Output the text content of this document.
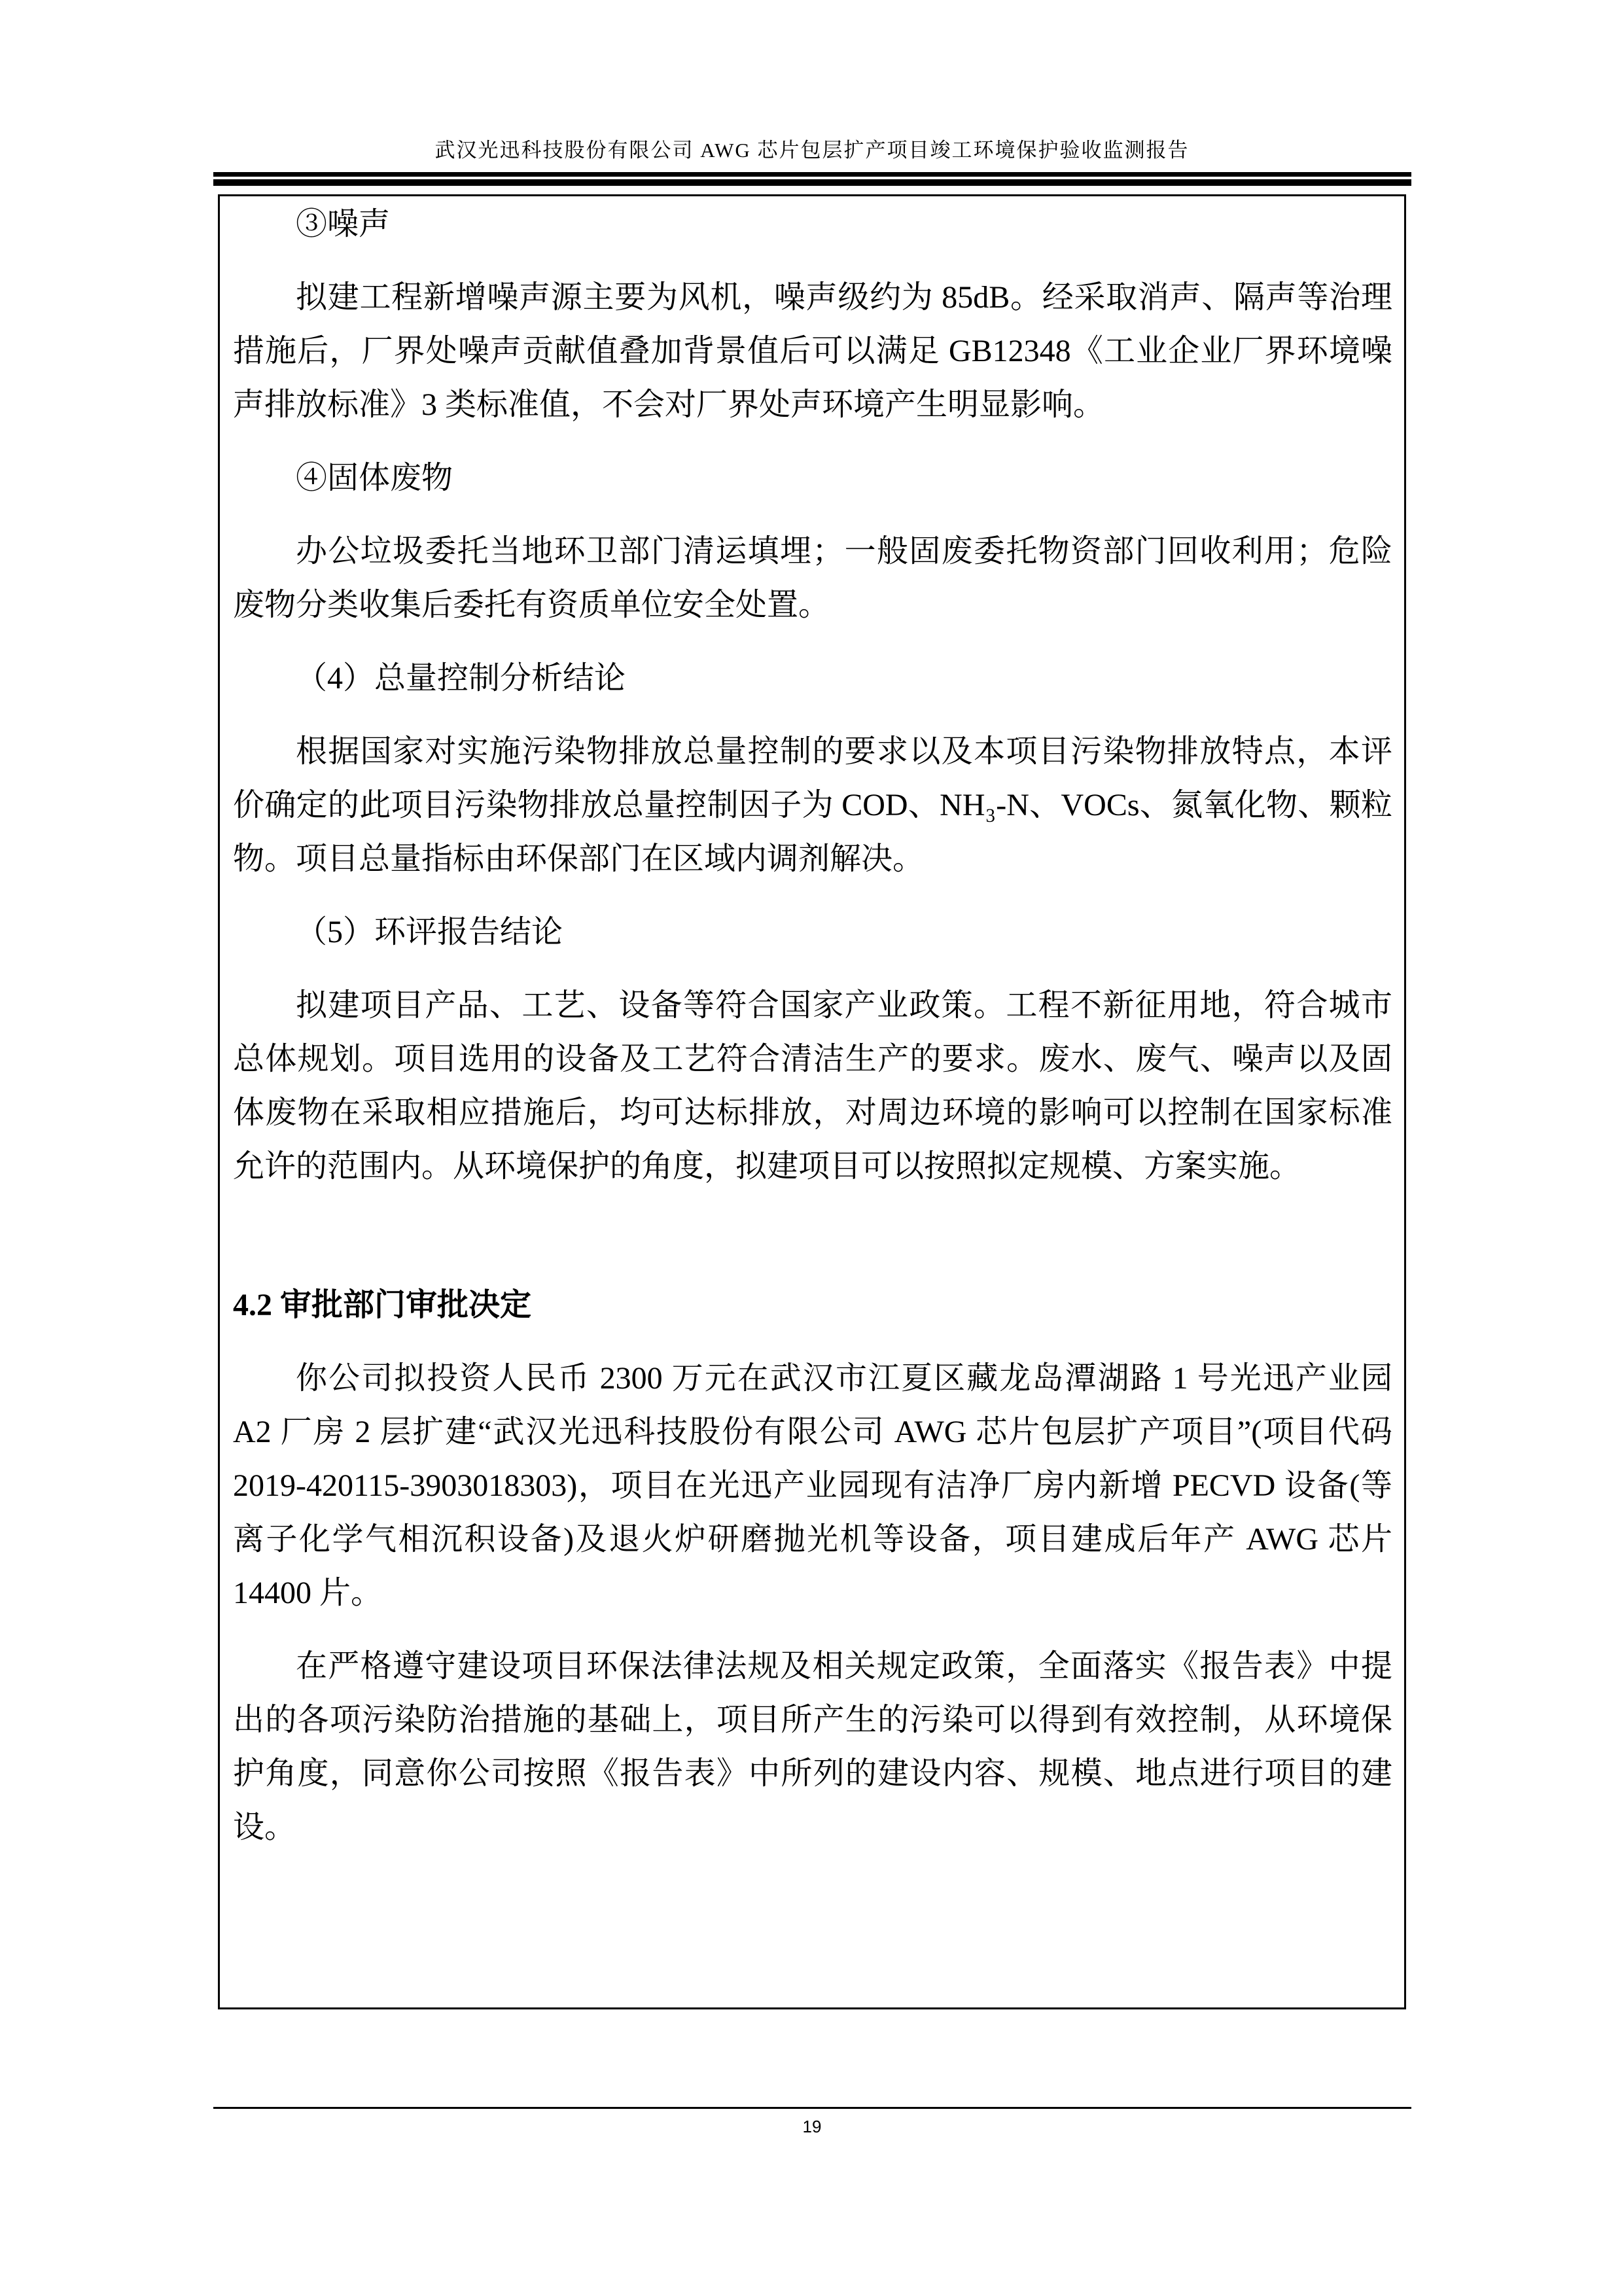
武汉光迅科技股份有限公司 AWG 芯片包层扩产项目竣工环境保护验收监测报告

③噪声

拟建工程新增噪声源主要为风机，噪声级约为 85dB。经采取消声、隔声等治理措施后，厂界处噪声贡献值叠加背景值后可以满足 GB12348《工业企业厂界环境噪声排放标准》3 类标准值，不会对厂界处声环境产生明显影响。

④固体废物

办公垃圾委托当地环卫部门清运填埋；一般固废委托物资部门回收利用；危险废物分类收集后委托有资质单位安全处置。

（4）总量控制分析结论

根据国家对实施污染物排放总量控制的要求以及本项目污染物排放特点，本评价确定的此项目污染物排放总量控制因子为 COD、NH₃-N、VOCs、氮氧化物、颗粒物。项目总量指标由环保部门在区域内调剂解决。

（5）环评报告结论

拟建项目产品、工艺、设备等符合国家产业政策。工程不新征用地，符合城市总体规划。项目选用的设备及工艺符合清洁生产的要求。废水、废气、噪声以及固体废物在采取相应措施后，均可达标排放，对周边环境的影响可以控制在国家标准允许的范围内。从环境保护的角度，拟建项目可以按照拟定规模、方案实施。

4.2 审批部门审批决定

你公司拟投资人民币 2300 万元在武汉市江夏区藏龙岛潭湖路 1 号光迅产业园 A2 厂房 2 层扩建“武汉光迅科技股份有限公司 AWG 芯片包层扩产项目”(项目代码 2019-420115-3903018303)，项目在光迅产业园现有洁净厂房内新增 PECVD 设备(等离子化学气相沉积设备)及退火炉研磨抛光机等设备，项目建成后年产 AWG 芯片 14400 片。

在严格遵守建设项目环保法律法规及相关规定政策，全面落实《报告表》中提出的各项污染防治措施的基础上，项目所产生的污染可以得到有效控制，从环境保护角度，同意你公司按照《报告表》中所列的建设内容、规模、地点进行项目的建设。

19
